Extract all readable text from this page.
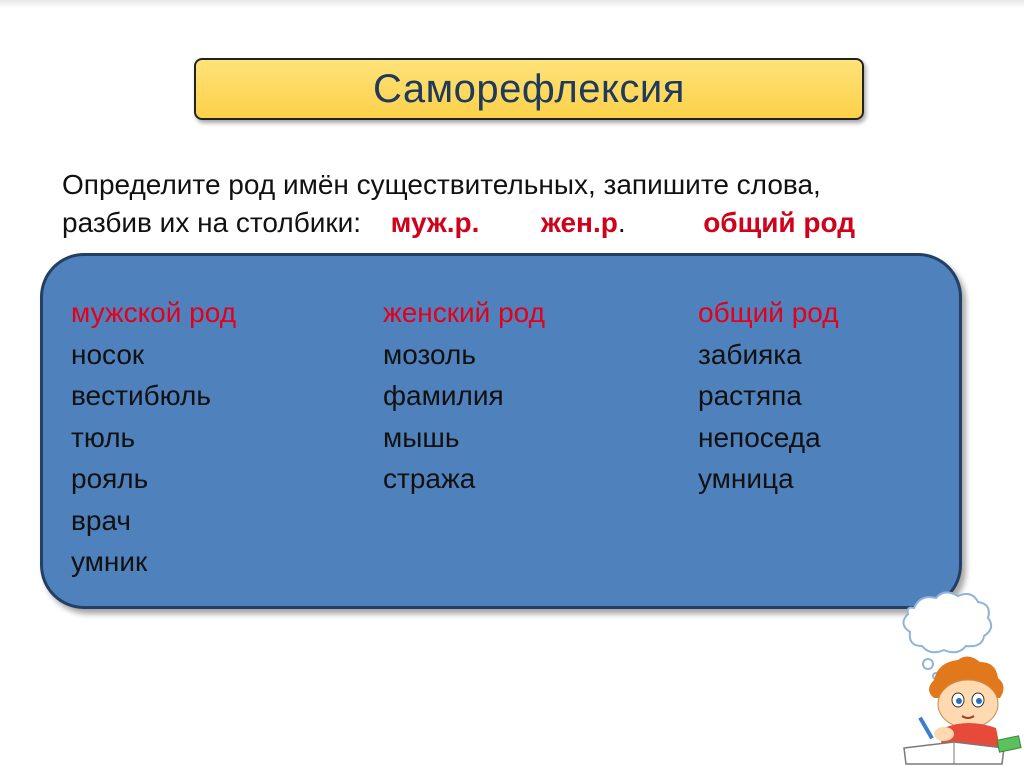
Саморефлексия
Определите род имён существительных, запишите слова,
разбив их на столбики: муж.р. жен.р.	общий род
мужской род
носок
вестибюль
тюль
рояль
врач
умник
женский род
мозоль
фамилия
мышь
стража
общий род
забияка
растяпа
непоседа
умница
